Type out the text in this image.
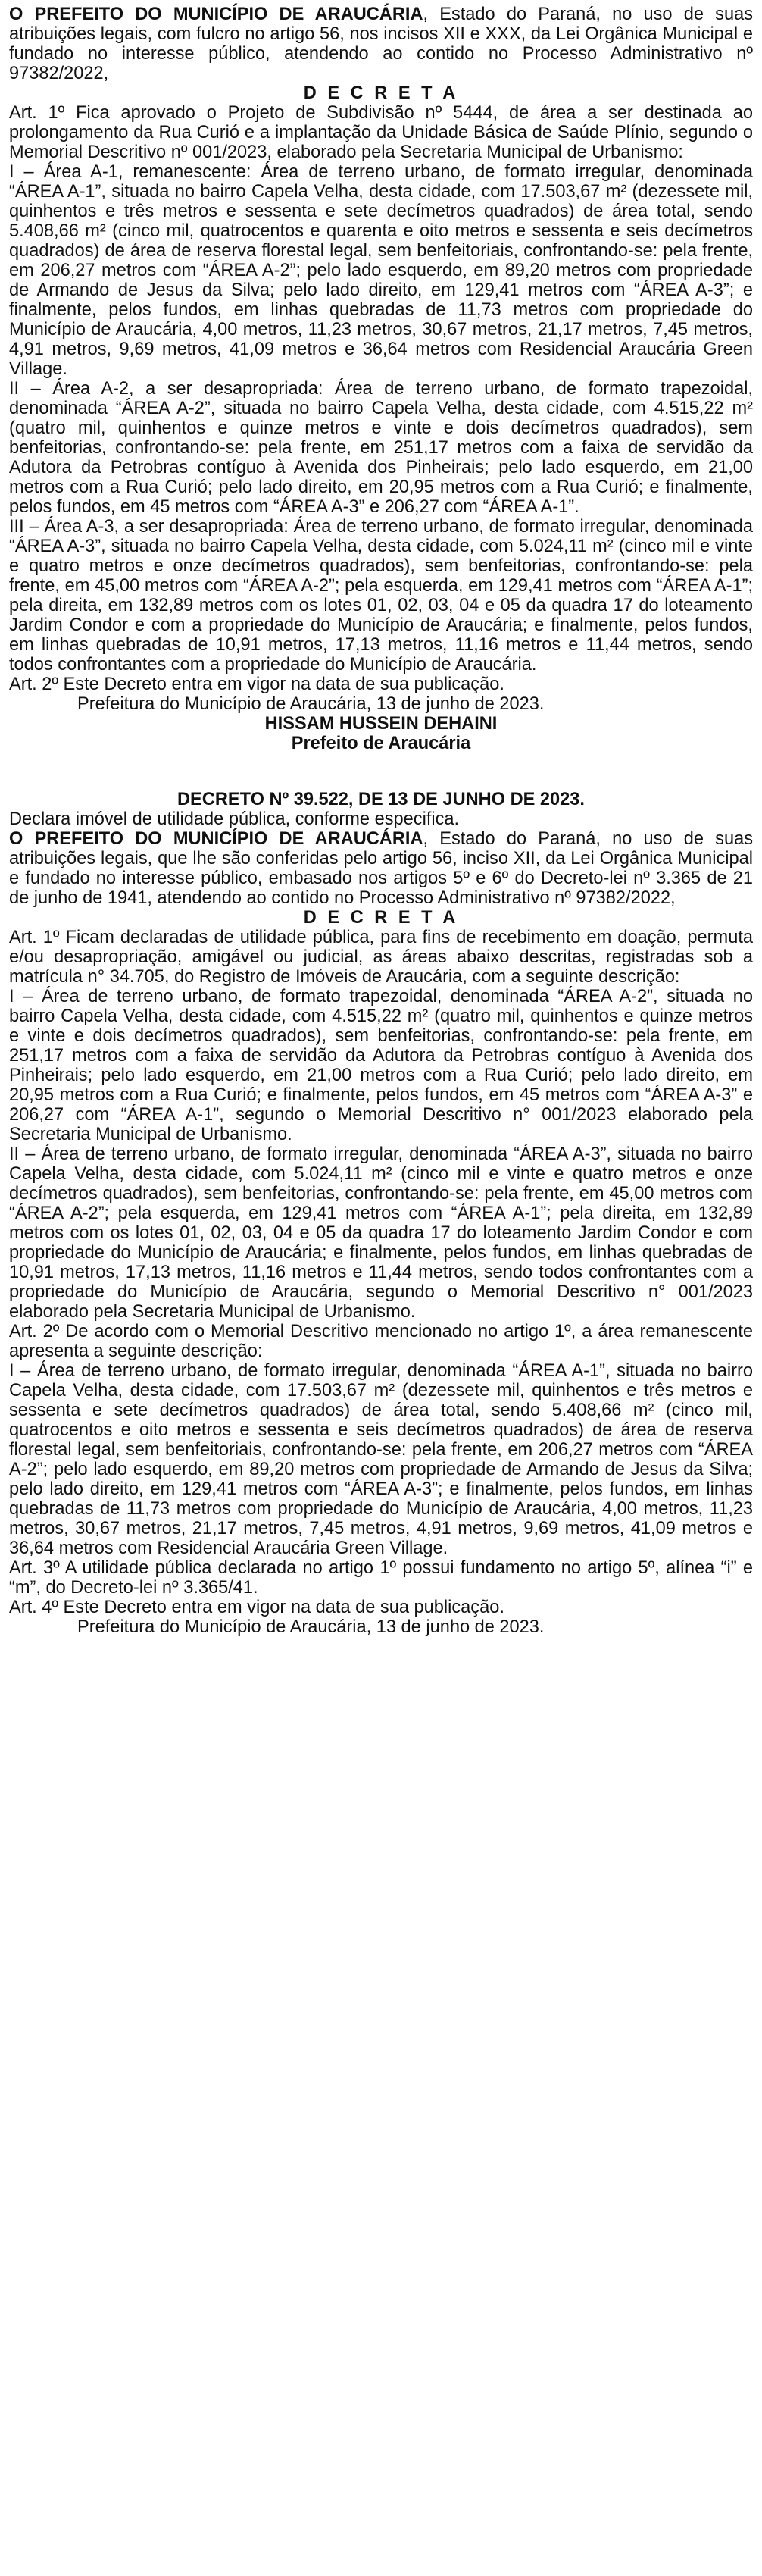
O PREFEITO DO MUNICÍPIO DE ARAUCÁRIA, Estado do Paraná, no uso de suas atribuições legais, com fulcro no artigo 56, nos incisos XII e XXX, da Lei Orgânica Municipal e fundado no interesse público, atendendo ao contido no Processo Administrativo nº 97382/2022,

D E C R E T A

Art. 1º Fica aprovado o Projeto de Subdivisão nº 5444, de área a ser destinada ao prolongamento da Rua Curió e a implantação da Unidade Básica de Saúde Plínio, segundo o Memorial Descritivo nº 001/2023, elaborado pela Secretaria Municipal de Urbanismo:

I – Área A-1, remanescente: Área de terreno urbano, de formato irregular, denominada “ÁREA A-1”, situada no bairro Capela Velha, desta cidade, com 17.503,67 m² (dezessete mil, quinhentos e três metros e sessenta e sete decímetros quadrados) de área total, sendo 5.408,66 m² (cinco mil, quatrocentos e quarenta e oito metros e sessenta e seis decímetros quadrados) de área de reserva florestal legal, sem benfeitoriais, confrontando-se: pela frente, em 206,27 metros com “ÁREA A-2”; pelo lado esquerdo, em 89,20 metros com propriedade de Armando de Jesus da Silva; pelo lado direito, em 129,41 metros com “ÁREA A-3”; e finalmente, pelos fundos, em linhas quebradas de 11,73 metros com propriedade do Município de Araucária, 4,00 metros, 11,23 metros, 30,67 metros, 21,17 metros, 7,45 metros, 4,91 metros, 9,69 metros, 41,09 metros e 36,64 metros com Residencial Araucária Green Village.

II – Área A-2, a ser desapropriada: Área de terreno urbano, de formato trapezoidal, denominada “ÁREA A-2”, situada no bairro Capela Velha, desta cidade, com 4.515,22 m² (quatro mil, quinhentos e quinze metros e vinte e dois decímetros quadrados), sem benfeitorias, confrontando-se: pela frente, em 251,17 metros com a faixa de servidão da Adutora da Petrobras contíguo à Avenida dos Pinheirais; pelo lado esquerdo, em 21,00 metros com a Rua Curió; pelo lado direito, em 20,95 metros com a Rua Curió; e finalmente, pelos fundos, em 45 metros com “ÁREA A-3” e 206,27 com “ÁREA A-1”.

III – Área A-3, a ser desapropriada: Área de terreno urbano, de formato irregular, denominada “ÁREA A-3”, situada no bairro Capela Velha, desta cidade, com 5.024,11 m² (cinco mil e vinte e quatro metros e onze decímetros quadrados), sem benfeitorias, confrontando-se: pela frente, em 45,00 metros com “ÁREA A-2”; pela esquerda, em 129,41 metros com “ÁREA A-1”; pela direita, em 132,89 metros com os lotes 01, 02, 03, 04 e 05 da quadra 17 do loteamento Jardim Condor e com a propriedade do Município de Araucária; e finalmente, pelos fundos, em linhas quebradas de 10,91 metros, 17,13 metros, 11,16 metros e 11,44 metros, sendo todos confrontantes com a propriedade do Município de Araucária.

Art. 2º Este Decreto entra em vigor na data de sua publicação.

Prefeitura do Município de Araucária, 13 de junho de 2023.

HISSAM HUSSEIN DEHAINI

Prefeito de Araucária

DECRETO Nº 39.522, DE 13 DE JUNHO DE 2023.

Declara imóvel de utilidade pública, conforme especifica.

O PREFEITO DO MUNICÍPIO DE ARAUCÁRIA, Estado do Paraná, no uso de suas atribuições legais, que lhe são conferidas pelo artigo 56, inciso XII, da Lei Orgânica Municipal e fundado no interesse público, embasado nos artigos 5º e 6º do Decreto-lei nº 3.365 de 21 de junho de 1941, atendendo ao contido no Processo Administrativo nº 97382/2022,

D E C R E T A

Art. 1º Ficam declaradas de utilidade pública, para fins de recebimento em doação, permuta e/ou desapropriação, amigável ou judicial, as áreas abaixo descritas, registradas sob a matrícula n° 34.705, do Registro de Imóveis de Araucária, com a seguinte descrição:

I – Área de terreno urbano, de formato trapezoidal, denominada “ÁREA A-2”, situada no bairro Capela Velha, desta cidade, com 4.515,22 m² (quatro mil, quinhentos e quinze metros e vinte e dois decímetros quadrados), sem benfeitorias, confrontando-se: pela frente, em 251,17 metros com a faixa de servidão da Adutora da Petrobras contíguo à Avenida dos Pinheirais; pelo lado esquerdo, em 21,00 metros com a Rua Curió; pelo lado direito, em 20,95 metros com a Rua Curió; e finalmente, pelos fundos, em 45 metros com “ÁREA A-3” e 206,27 com “ÁREA A-1”, segundo o Memorial Descritivo n° 001/2023 elaborado pela Secretaria Municipal de Urbanismo.

II – Área de terreno urbano, de formato irregular, denominada “ÁREA A-3”, situada no bairro Capela Velha, desta cidade, com 5.024,11 m² (cinco mil e vinte e quatro metros e onze decímetros quadrados), sem benfeitorias, confrontando-se: pela frente, em 45,00 metros com “ÁREA A-2”; pela esquerda, em 129,41 metros com “ÁREA A-1”; pela direita, em 132,89 metros com os lotes 01, 02, 03, 04 e 05 da quadra 17 do loteamento Jardim Condor e com propriedade do Município de Araucária; e finalmente, pelos fundos, em linhas quebradas de 10,91 metros, 17,13 metros, 11,16 metros e 11,44 metros, sendo todos confrontantes com a propriedade do Município de Araucária, segundo o Memorial Descritivo n° 001/2023 elaborado pela Secretaria Municipal de Urbanismo.

Art. 2º De acordo com o Memorial Descritivo mencionado no artigo 1º, a área remanescente apresenta a seguinte descrição:

I – Área de terreno urbano, de formato irregular, denominada “ÁREA A-1”, situada no bairro Capela Velha, desta cidade, com 17.503,67 m² (dezessete mil, quinhentos e três metros e sessenta e sete decímetros quadrados) de área total, sendo 5.408,66 m² (cinco mil, quatrocentos e oito metros e sessenta e seis decímetros quadrados) de área de reserva florestal legal, sem benfeitoriais, confrontando-se: pela frente, em 206,27 metros com “ÁREA A-2”; pelo lado esquerdo, em 89,20 metros com propriedade de Armando de Jesus da Silva; pelo lado direito, em 129,41 metros com “ÁREA A-3”; e finalmente, pelos fundos, em linhas quebradas de 11,73 metros com propriedade do Município de Araucária, 4,00 metros, 11,23 metros, 30,67 metros, 21,17 metros, 7,45 metros, 4,91 metros, 9,69 metros, 41,09 metros e 36,64 metros com Residencial Araucária Green Village.

Art. 3º A utilidade pública declarada no artigo 1º possui fundamento no artigo 5º, alínea “i” e “m”, do Decreto-lei nº 3.365/41.

Art. 4º Este Decreto entra em vigor na data de sua publicação.

Prefeitura do Município de Araucária, 13 de junho de 2023.
